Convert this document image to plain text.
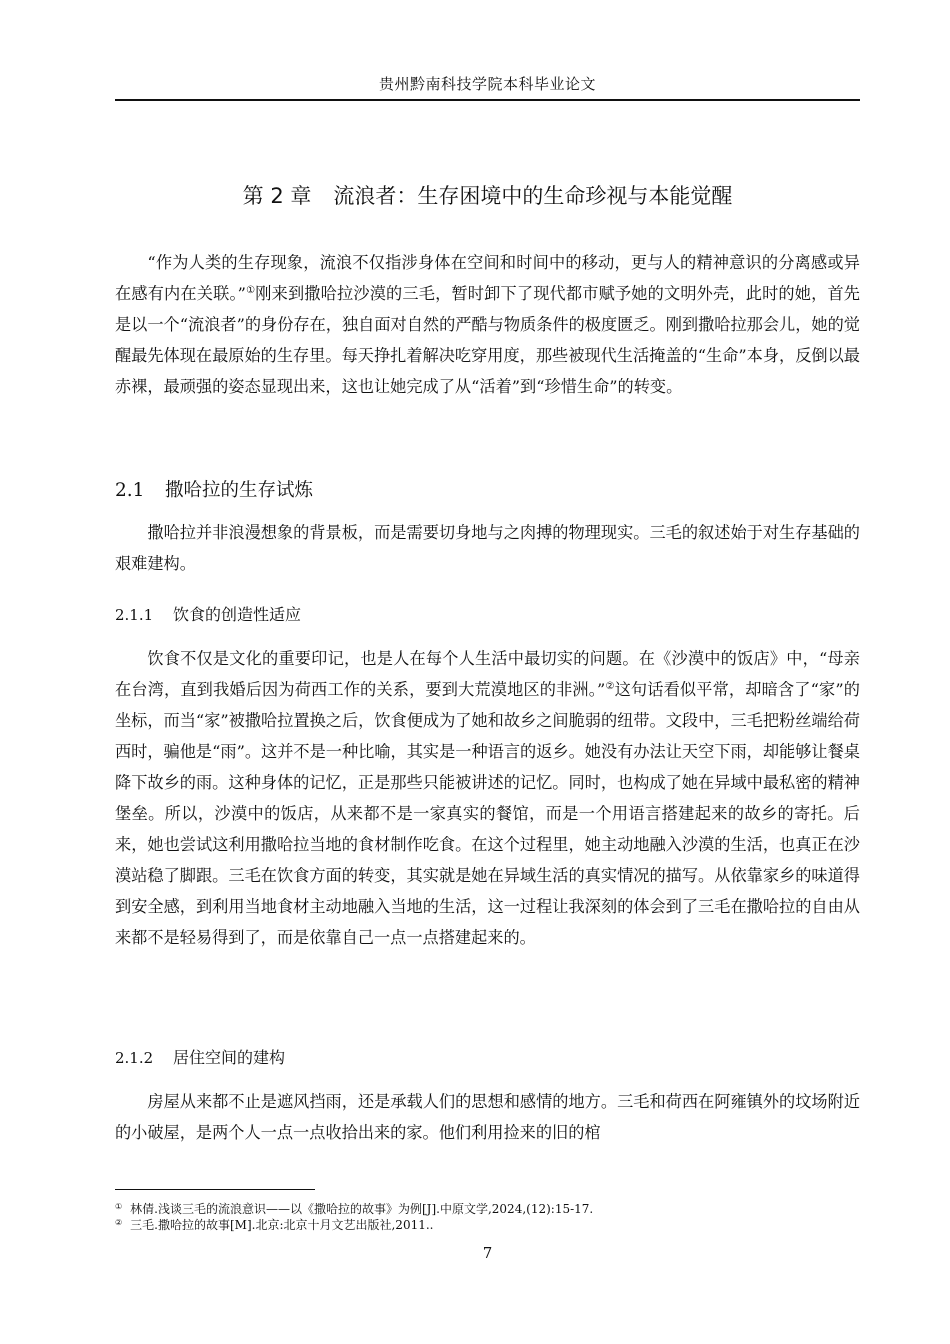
贵州黔南科技学院本科毕业论文
第 2 章 流浪者：生存困境中的生命珍视与本能觉醒

“作为人类的生存现象，流浪不仅指涉身体在空间和时间中的移动，更与人的精神意识的分离感或异在感有内在关联。”①刚来到撒哈拉沙漠的三毛，暂时卸下了现代都市赋予她的文明外壳，此时的她，首先是以一个“流浪者”的身份存在，独自面对自然的严酷与物质条件的极度匮乏。刚到撒哈拉那会儿，她的觉醒最先体现在最原始的生存里。每天挣扎着解决吃穿用度，那些被现代生活掩盖的“生命”本身，反倒以最赤裸，最顽强的姿态显现出来，这也让她完成了从“活着”到“珍惜生命”的转变。

2.1 撒哈拉的生存试炼

撒哈拉并非浪漫想象的背景板，而是需要切身地与之肉搏的物理现实。三毛的叙述始于对生存基础的艰难建构。

2.1.1 饮食的创造性适应

饮食不仅是文化的重要印记，也是人在每个人生活中最切实的问题。在《沙漠中的饭店》中，“母亲在台湾，直到我婚后因为荷西工作的关系，要到大荒漠地区的非洲。”②这句话看似平常，却暗含了“家”的坐标，而当“家”被撒哈拉置换之后，饮食便成为了她和故乡之间脆弱的纽带。文段中，三毛把粉丝端给荷西时，骗他是“雨”。这并不是一种比喻，其实是一种语言的返乡。她没有办法让天空下雨，却能够让餐桌降下故乡的雨。这种身体的记忆，正是那些只能被讲述的记忆。同时，也构成了她在异域中最私密的精神堡垒。所以，沙漠中的饭店，从来都不是一家真实的餐馆，而是一个用语言搭建起来的故乡的寄托。后来，她也尝试这利用撒哈拉当地的食材制作吃食。在这个过程里，她主动地融入沙漠的生活，也真正在沙漠站稳了脚跟。三毛在饮食方面的转变，其实就是她在异域生活的真实情况的描写。从依靠家乡的味道得到安全感，到利用当地食材主动地融入当地的生活，这一过程让我深刻的体会到了三毛在撒哈拉的自由从来都不是轻易得到了，而是依靠自己一点一点搭建起来的。

2.1.2 居住空间的建构

房屋从来都不止是遮风挡雨，还是承载人们的思想和感情的地方。三毛和荷西在阿雍镇外的坟场附近的小破屋，是两个人一点一点收拾出来的家。他们利用捡来的旧的棺

① 林倩.浅谈三毛的流浪意识——以《撒哈拉的故事》为例[J].中原文学,2024,(12):15-17.
② 三毛.撒哈拉的故事[M].北京:北京十月文艺出版社,2011..
7
